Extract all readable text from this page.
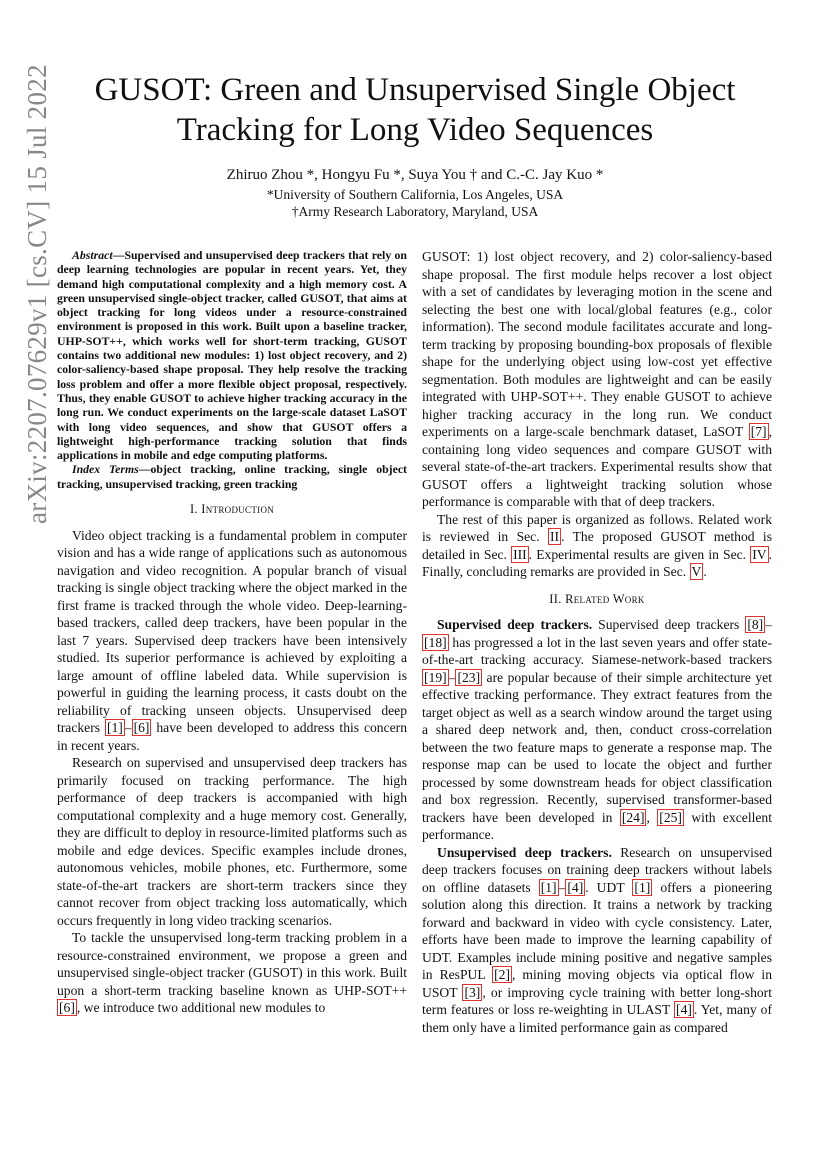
arXiv:2207.07629v1 [cs.CV] 15 Jul 2022	GUSOT: Green and Unsupervised Single Object
Tracking for Long Video Sequences
Zhiruo Zhou *, Hongyu Fu *, Suya You † and C.-C. Jay Kuo *
*University of Southern California, Los Angeles, USA
†Army Research Laboratory, Maryland, USA

Abstract—Supervised and unsupervised deep trackers that rely on deep learning technologies are popular in recent years. Yet, they demand high computational complexity and a high memory cost. A green unsupervised single-object tracker, called GUSOT, that aims at object tracking for long videos under a resource-constrained environment is proposed in this work. Built upon a baseline tracker, UHP-SOT++, which works well for short-term tracking, GUSOT contains two additional new modules: 1) lost object recovery, and 2) color-saliency-based shape proposal. They help resolve the tracking loss problem and offer a more flexible object proposal, respectively. Thus, they enable GUSOT to achieve higher tracking accuracy in the long run. We conduct experiments on the large-scale dataset LaSOT with long video sequences, and show that GUSOT offers a lightweight high-performance tracking solution that finds applications in mobile and edge computing platforms.

Index Terms—object tracking, online tracking, single object tracking, unsupervised tracking, green tracking

I. Introduction

Video object tracking is a fundamental problem in computer vision and has a wide range of applications such as autonomous navigation and video recognition. A popular branch of visual tracking is single object tracking where the object marked in the first frame is tracked through the whole video. Deep-learning-based trackers, called deep trackers, have been popular in the last 7 years. Supervised deep trackers have been intensively studied. Its superior performance is achieved by exploiting a large amount of offline labeled data. While supervision is powerful in guiding the learning process, it casts doubt on the reliability of tracking unseen objects. Unsupervised deep trackers [1] – [6] have been developed to address this concern in recent years.

Research on supervised and unsupervised deep trackers has primarily focused on tracking performance. The high performance of deep trackers is accompanied with high computational complexity and a huge memory cost. Generally, they are difficult to deploy in resource-limited platforms such as mobile and edge devices. Specific examples include drones, autonomous vehicles, mobile phones, etc. Furthermore, some state-of-the-art trackers are short-term trackers since they cannot recover from object tracking loss automatically, which occurs frequently in long video tracking scenarios.

To tackle the unsupervised long-term tracking problem in a resource-constrained environment, we propose a green and unsupervised single-object tracker (GUSOT) in this work. Built upon a short-term tracking baseline known as UHP-SOT++ [6] , we introduce two additional new modules to

GUSOT: 1) lost object recovery, and 2) color-saliency-based shape proposal. The first module helps recover a lost object with a set of candidates by leveraging motion in the scene and selecting the best one with local/global features (e.g., color information). The second module facilitates accurate and long-term tracking by proposing bounding-box proposals of flexible shape for the underlying object using low-cost yet effective segmentation. Both modules are lightweight and can be easily integrated with UHP-SOT++. They enable GUSOT to achieve higher tracking accuracy in the long run. We conduct experiments on a large-scale benchmark dataset, LaSOT [7] , containing long video sequences and compare GUSOT with several state-of-the-art trackers. Experimental results show that GUSOT offers a lightweight tracking solution whose performance is comparable with that of deep trackers.

The rest of this paper is organized as follows. Related work is reviewed in Sec. II . The proposed GUSOT method is detailed in Sec. III . Experimental results are given in Sec. IV . Finally, concluding remarks are provided in Sec. V .

II. Related Work

Supervised deep trackers. Supervised deep trackers [8] –[18] has progressed a lot in the last seven years and offer state-of-the-art tracking accuracy. Siamese-network-based trackers [19] – [23] are popular because of their simple architecture yet effective tracking performance. They extract features from the target object as well as a search window around the target using a shared deep network and, then, conduct cross-correlation between the two feature maps to generate a response map. The response map can be used to locate the object and further processed by some downstream heads for object classification and box regression. Recently, supervised transformer-based trackers have been developed in [24] , [25] with excellent performance.

Unsupervised deep trackers. Research on unsupervised deep trackers focuses on training deep trackers without labels on offline datasets [1] – [4] . UDT [1] offers a pioneering solution along this direction. It trains a network by tracking forward and backward in video with cycle consistency. Later, efforts have been made to improve the learning capability of UDT. Examples include mining positive and negative samples in ResPUL [2] , mining moving objects via optical flow in USOT [3] , or improving cycle training with better long-short term features or loss re-weighting in ULAST [4] . Yet, many of them only have a limited performance gain as compared
